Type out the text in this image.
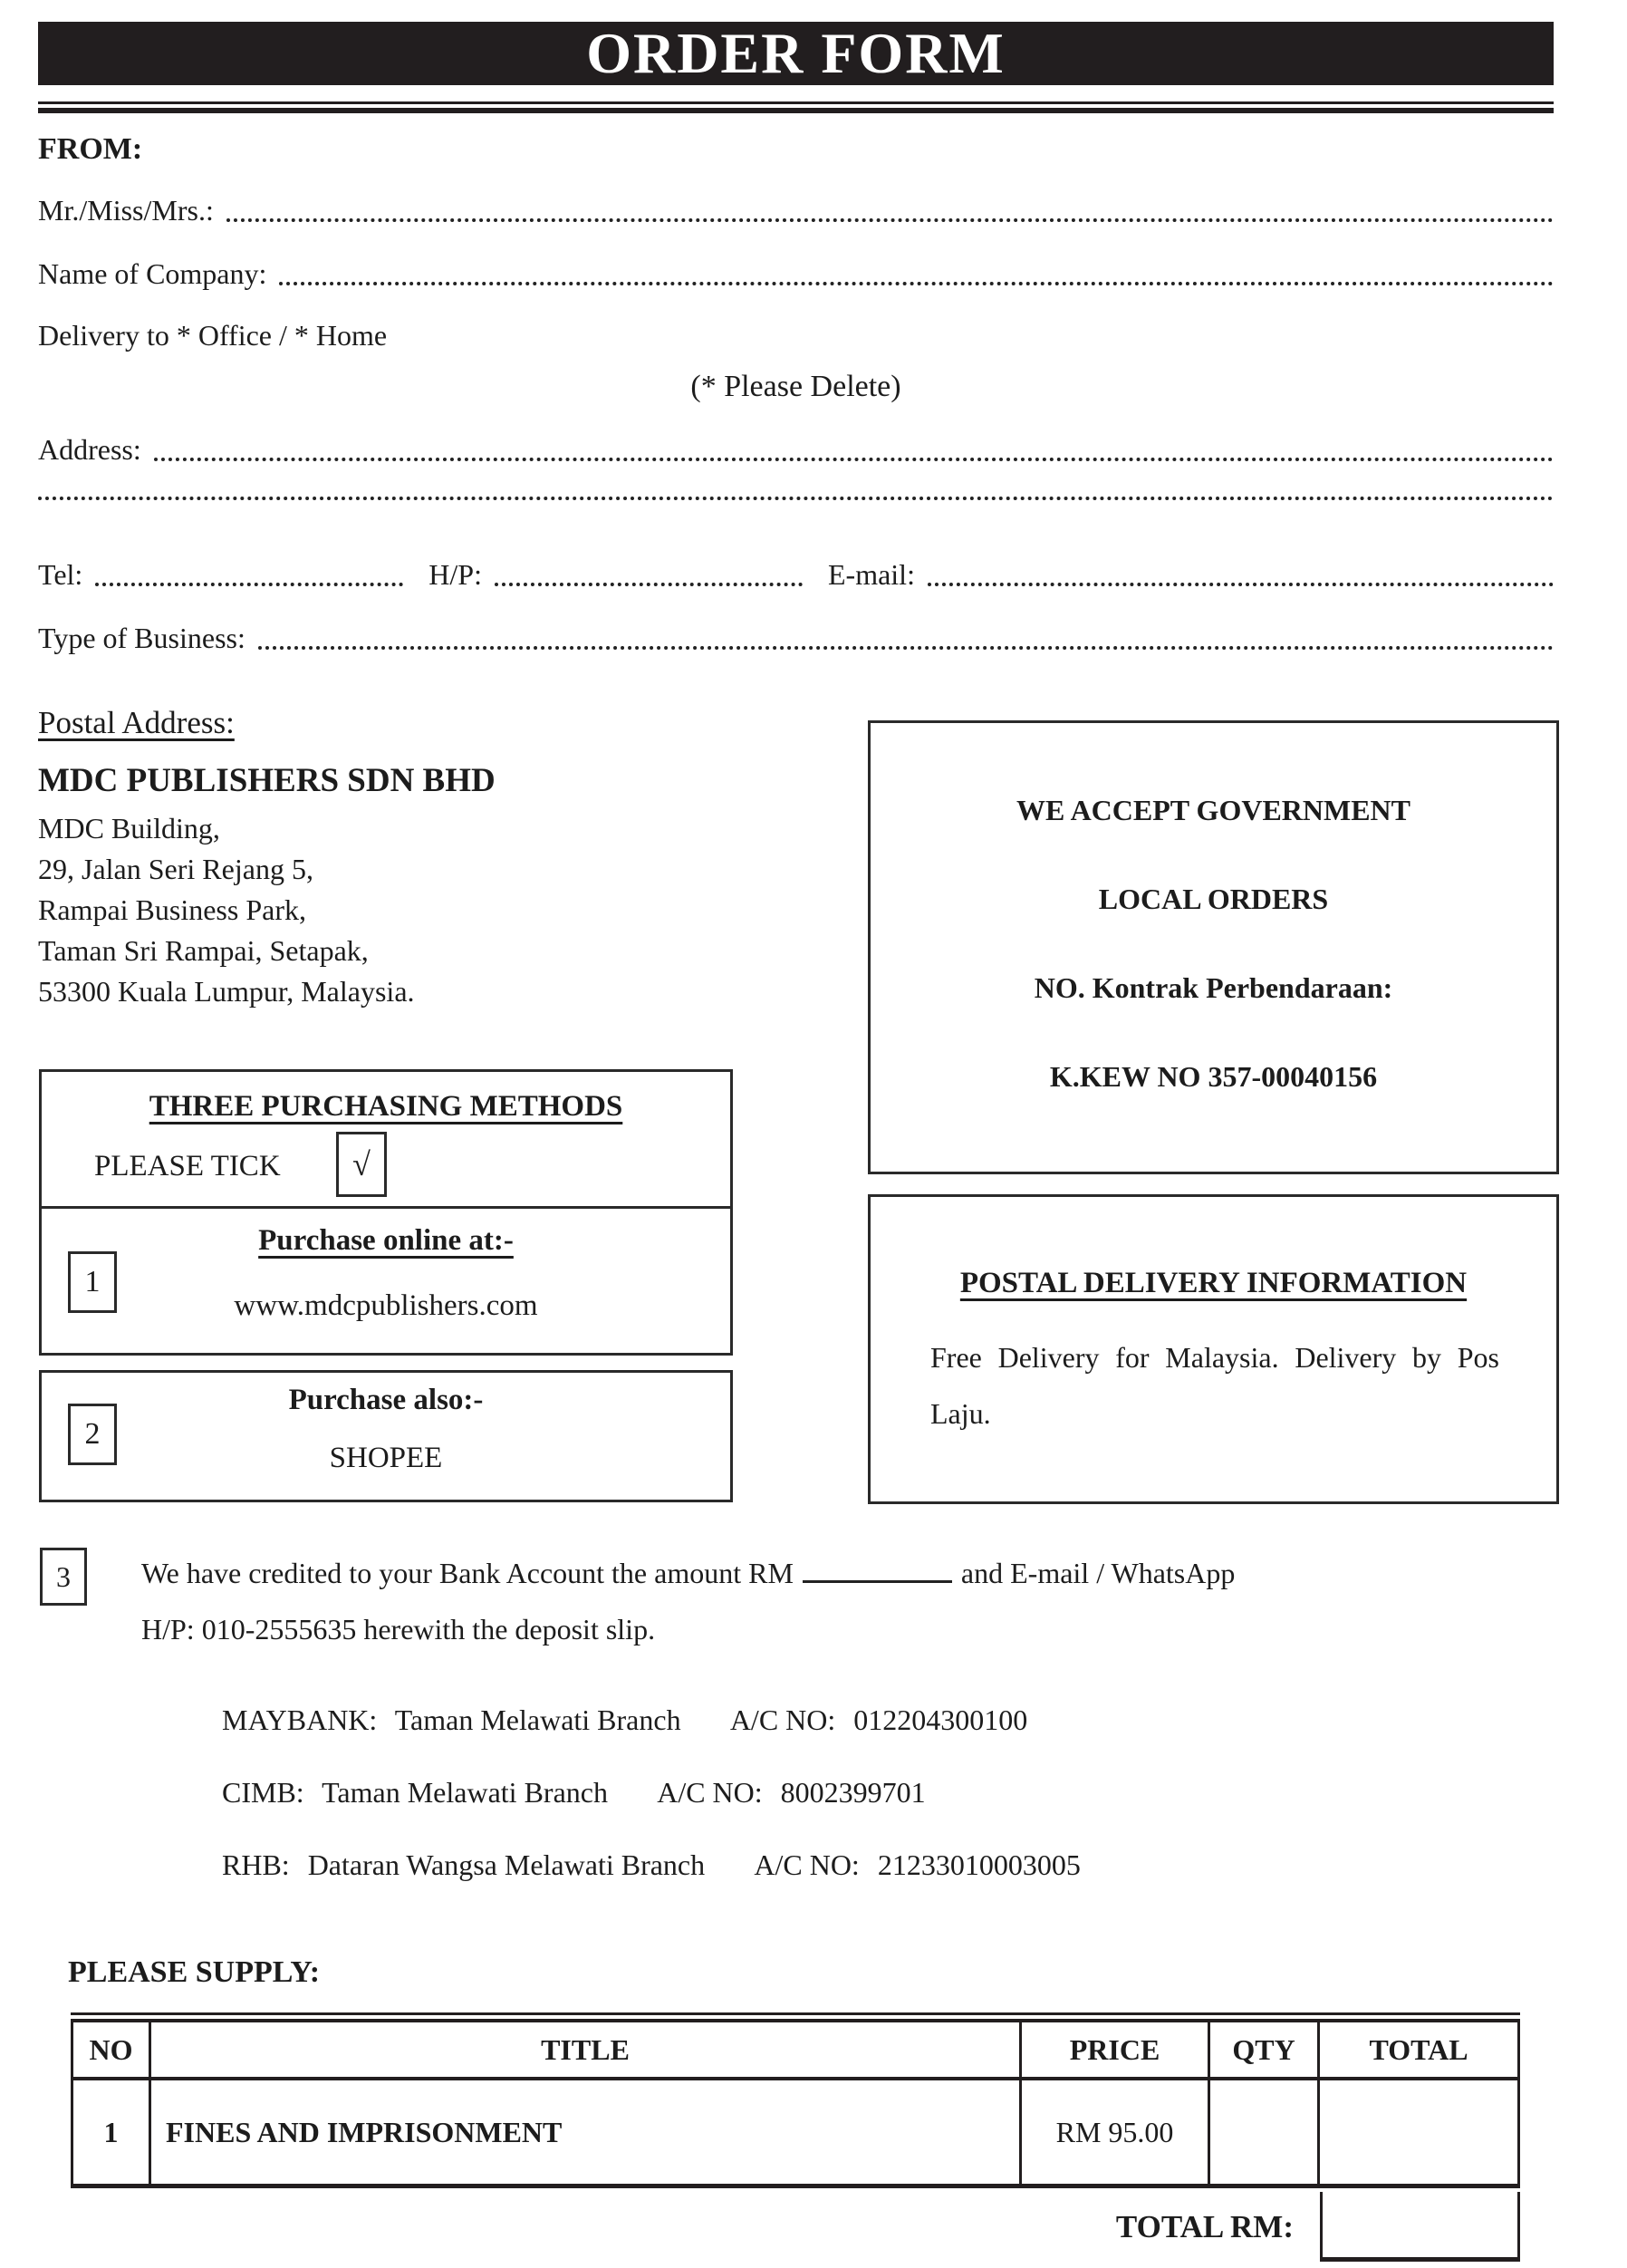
ORDER FORM
FROM:
Mr./Miss/Mrs.:
Name of Company:
Delivery to * Office / * Home
(* Please Delete)
Address:
Tel:	H/P:	E-mail:
Type of Business:
Postal Address:
MDC PUBLISHERS SDN BHD
MDC Building,
29, Jalan Seri Rejang 5,
Rampai Business Park,
Taman Sri Rampai, Setapak,
53300 Kuala Lumpur, Malaysia.
WE ACCEPT GOVERNMENT
LOCAL ORDERS
NO. Kontrak Perbendaraan:
K.KEW NO 357-00040156
THREE PURCHASING METHODS
PLEASE TICK √
Purchase online at:-
1
www.mdcpublishers.com
Purchase also:-
2
SHOPEE
POSTAL DELIVERY INFORMATION
Free Delivery for Malaysia. Delivery by Pos Laju.
3 We have credited to your Bank Account the amount RM	and E-mail / WhatsApp
H/P: 010-2555635 herewith the deposit slip.
MAYBANK: Taman Melawati Branch A/C NO: 012204300100
CIMB: Taman Melawati Branch A/C NO: 8002399701
RHB: Dataran Wangsa Melawati Branch A/C NO: 21233010003005
PLEASE SUPPLY:
NO	TITLE	PRICE	QTY	TOTAL
1	FINES AND IMPRISONMENT	RM 95.00
TOTAL RM:
